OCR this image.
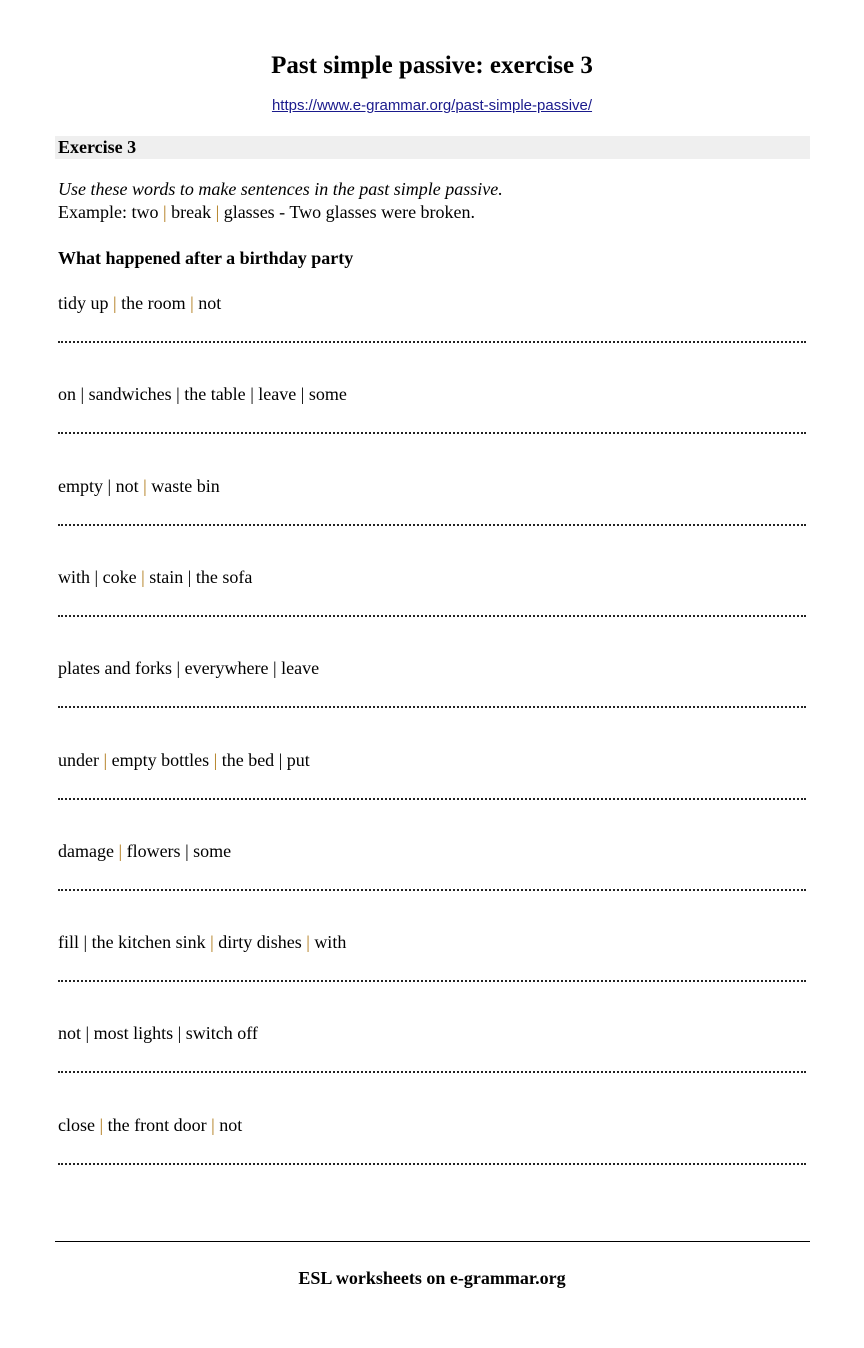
Past simple passive: exercise 3
https://www.e-grammar.org/past-simple-passive/
Exercise 3
Use these words to make sentences in the past simple passive.
Example: two | break | glasses - Two glasses were broken.
What happened after a birthday party
tidy up | the room | not
on | sandwiches | the table | leave | some
empty | not | waste bin
with | coke | stain | the sofa
plates and forks | everywhere | leave
under | empty bottles | the bed | put
damage | flowers | some
fill | the kitchen sink | dirty dishes | with
not | most lights | switch off
close | the front door | not
ESL worksheets on e-grammar.org
